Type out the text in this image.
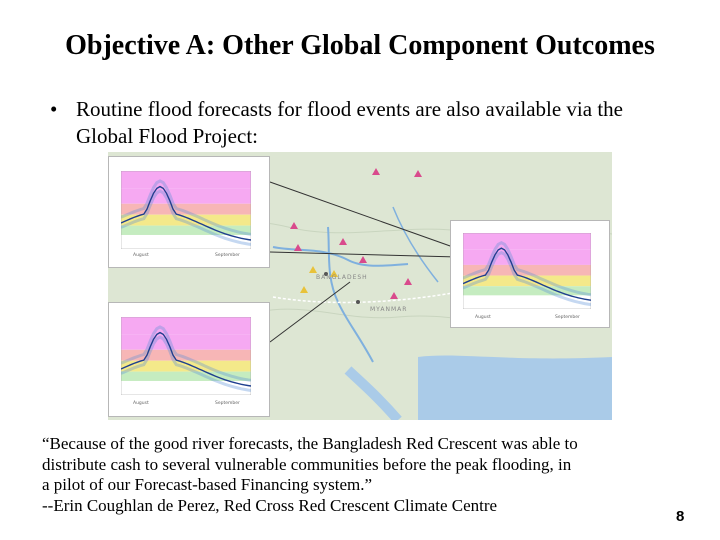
Objective A: Other Global Component Outcomes
• Routine flood forecasts for flood events are also available via the Global Flood Project:
BANGLADESH
MYANMAR
August	September
August	September
August	September
“Because of the good river forecasts, the Bangladesh Red Crescent was able to
distribute cash to several vulnerable communities before the peak flooding, in
a pilot of our Forecast-based Financing system.”
--Erin Coughlan de Perez, Red Cross Red Crescent Climate Centre
8
